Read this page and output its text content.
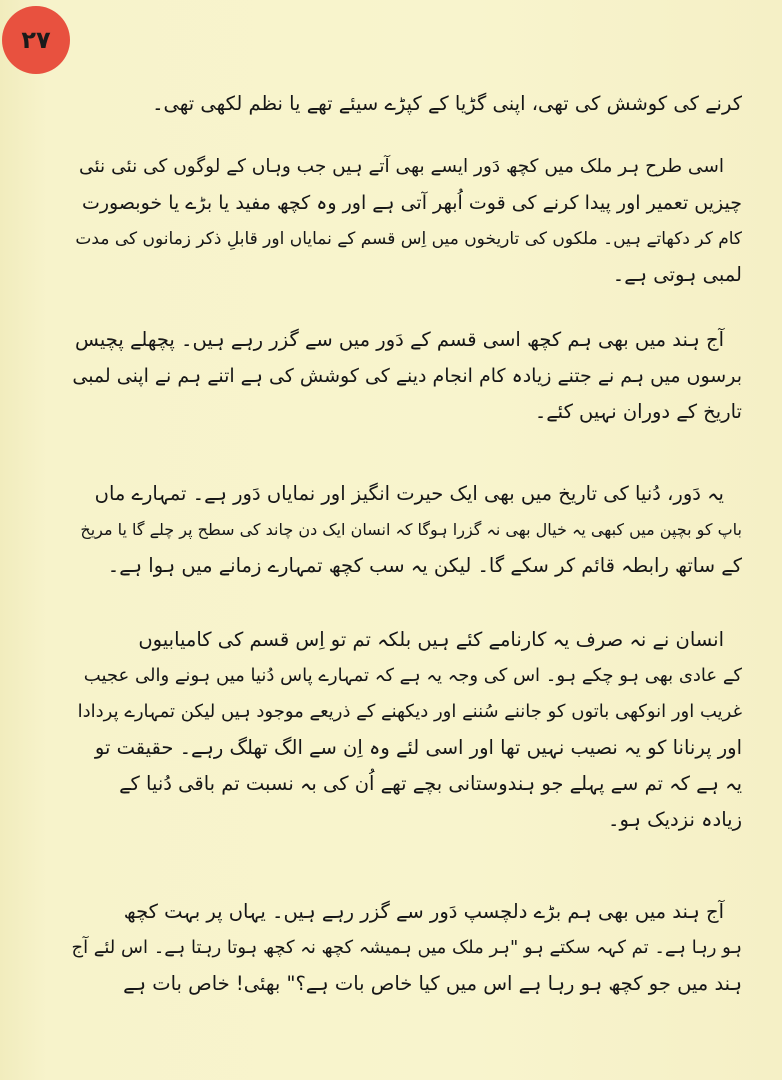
۲۷
کرنے کی کوشش کی تھی، اپنی گڑیا کے کپڑے سیئے تھے یا نظم لکھی تھی۔
اسی طرح ہر ملک میں کچھ دَور ایسے بھی آتے ہیں جب وہاں کے لوگوں کی نئی نئی
چیزیں تعمیر اور پیدا کرنے کی قوت اُبھر آتی ہے اور وہ کچھ مفید یا بڑے یا خوبصورت
کام کر دکھاتے ہیں۔ ملکوں کی تاریخوں میں اِس قسم کے نمایاں اور قابلِ ذکر زمانوں کی مدت
لمبی ہوتی ہے۔
آج ہند میں بھی ہم کچھ اسی قسم کے دَور میں سے گزر رہے ہیں۔ پچھلے پچیس
برسوں میں ہم نے جتنے زیادہ کام انجام دینے کی کوشش کی ہے اتنے ہم نے اپنی لمبی
تاریخ کے دوران نہیں کئے۔
یہ دَور، دُنیا کی تاریخ میں بھی ایک حیرت انگیز اور نمایاں دَور ہے۔ تمہارے ماں
باپ کو بچپن میں کبھی یہ خیال بھی نہ گزرا ہوگا کہ انسان ایک دن چاند کی سطح پر چلے گا یا مریخ
کے ساتھ رابطہ قائم کر سکے گا۔ لیکن یہ سب کچھ تمہارے زمانے میں ہوا ہے۔
انسان نے نہ صرف یہ کارنامے کئے ہیں بلکہ تم تو اِس قسم کی کامیابیوں
کے عادی بھی ہو چکے ہو۔ اس کی وجہ یہ ہے کہ تمہارے پاس دُنیا میں ہونے والی عجیب
غریب اور انوکھی باتوں کو جاننے سُننے اور دیکھنے کے ذریعے موجود ہیں لیکن تمہارے پردادا
اور پرنانا کو یہ نصیب نہیں تھا اور اسی لئے وہ اِن سے الگ تھلگ رہے۔ حقیقت تو
یہ ہے کہ تم سے پہلے جو ہندوستانی بچے تھے اُن کی بہ نسبت تم باقی دُنیا کے
زیادہ نزدیک ہو۔
آج ہند میں بھی ہم بڑے دلچسپ دَور سے گزر رہے ہیں۔ یہاں پر بہت کچھ
ہو رہا ہے۔ تم کہہ سکتے ہو "ہر ملک میں ہمیشہ کچھ نہ کچھ ہوتا رہتا ہے۔ اس لئے آج
ہند میں جو کچھ ہو رہا ہے اس میں کیا خاص بات ہے؟" بھئی! خاص بات ہے
